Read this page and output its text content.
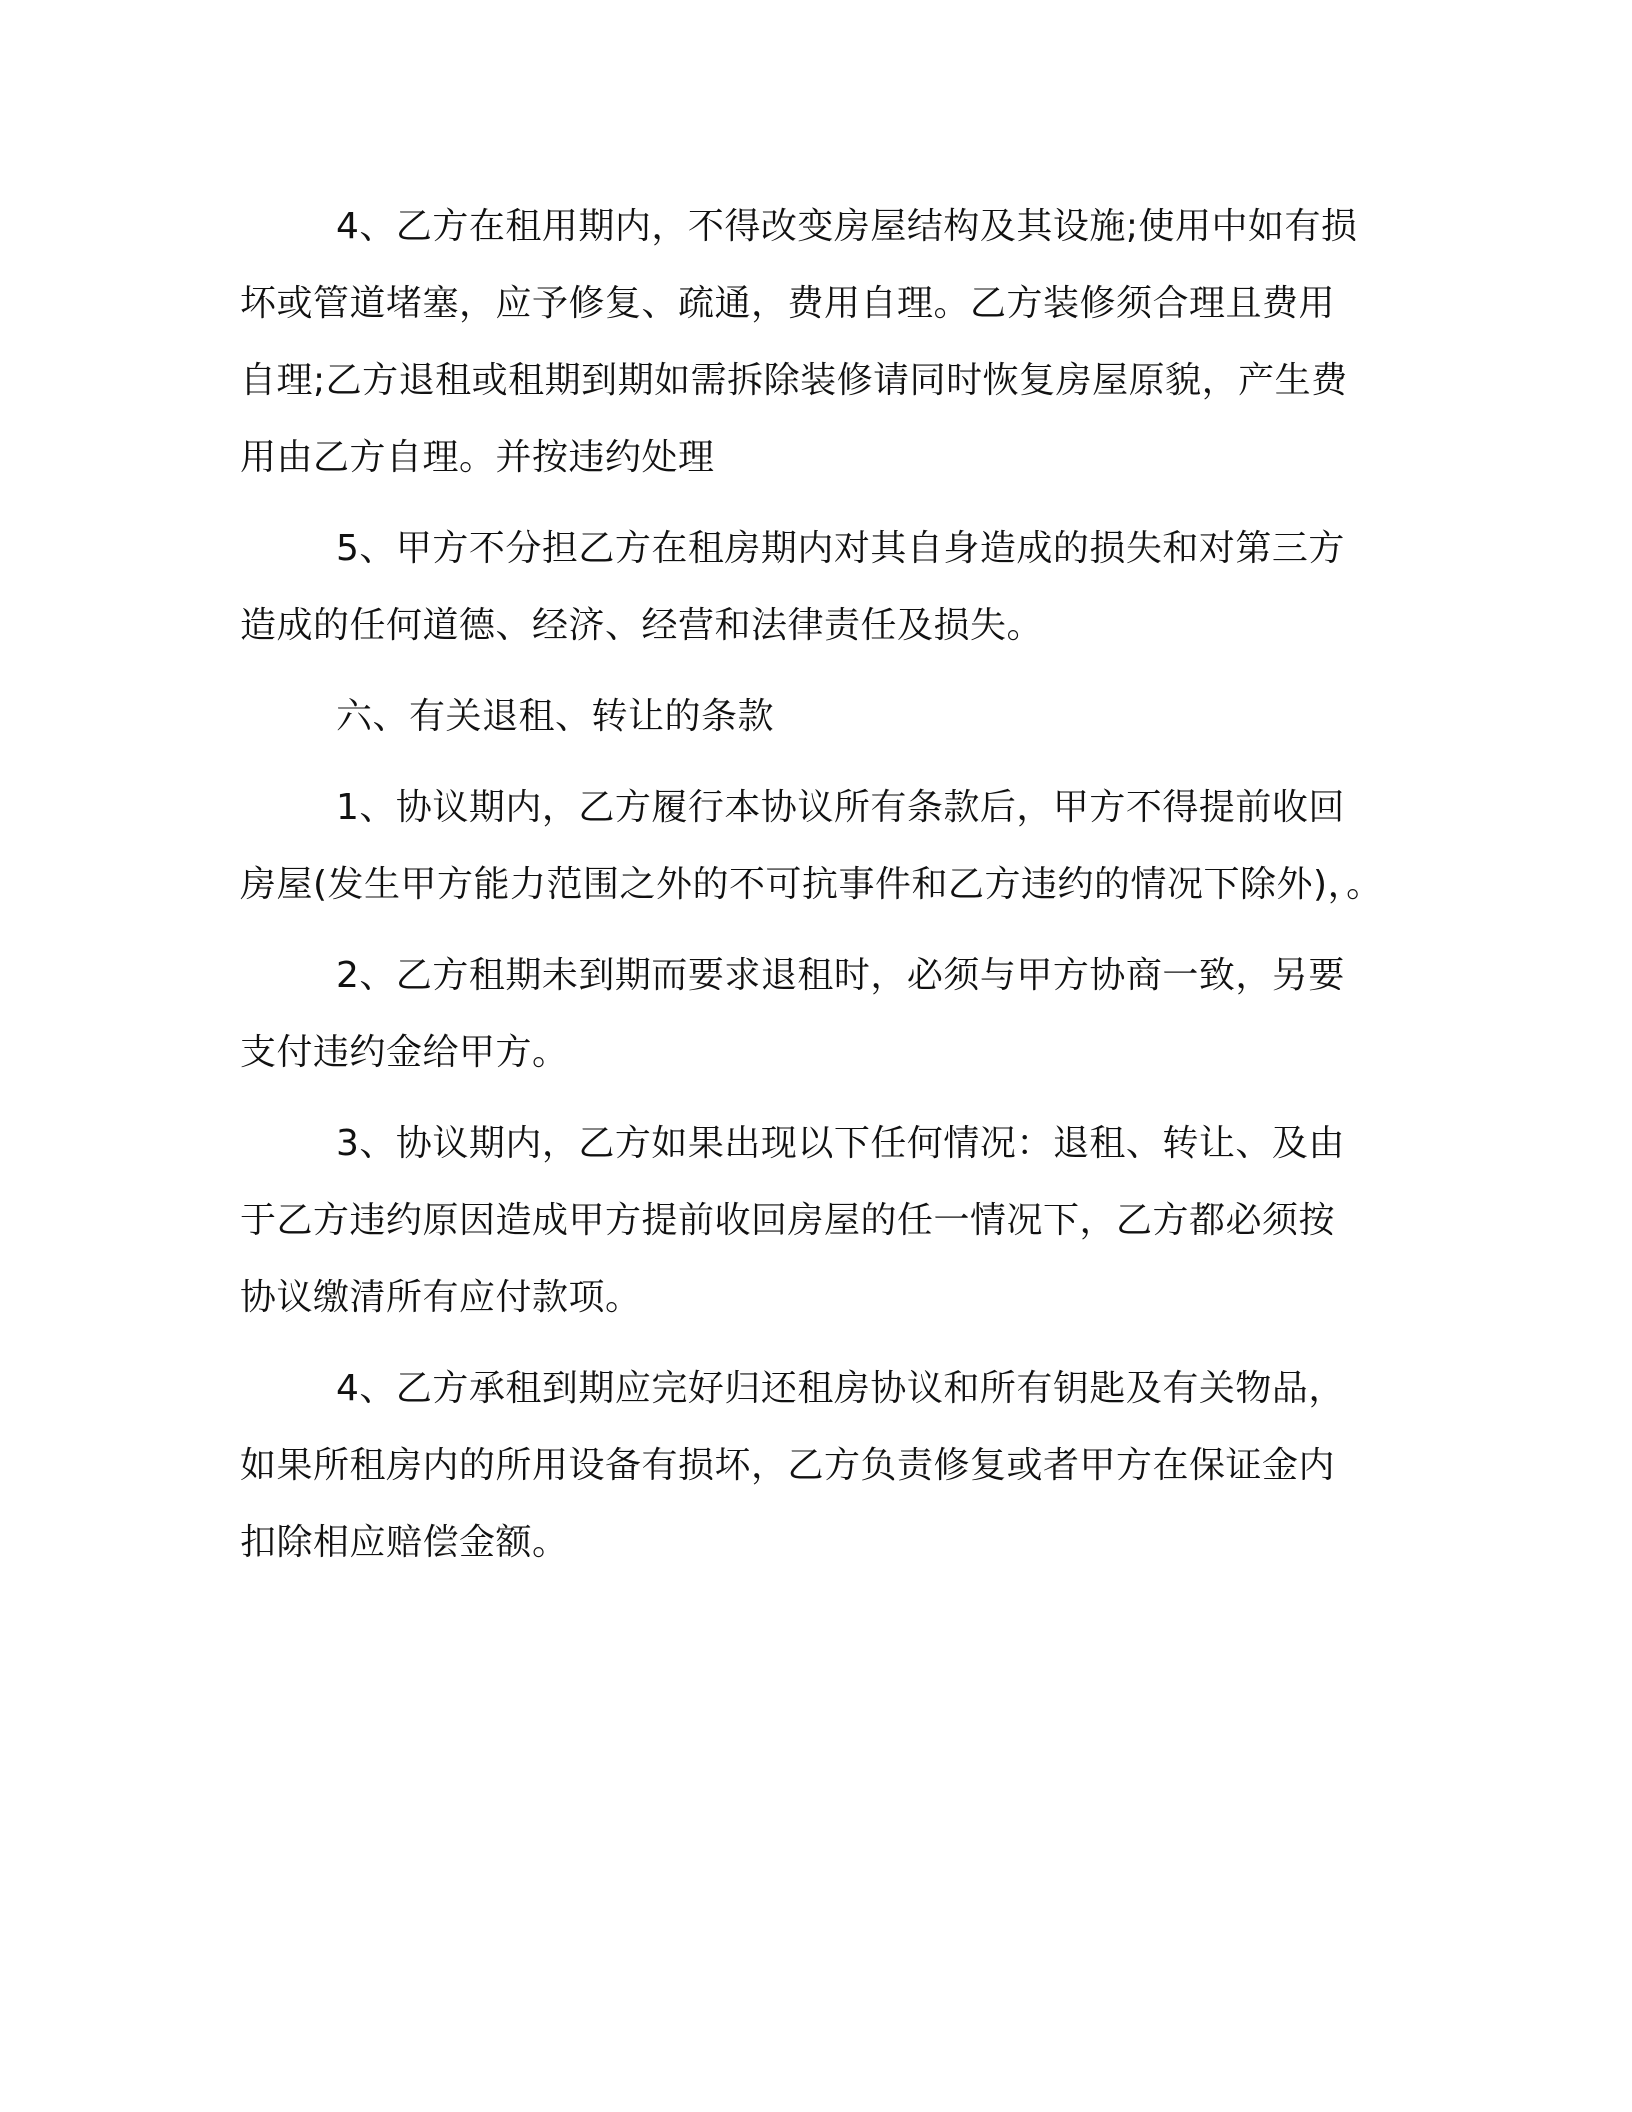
4、乙方在租用期内，不得改变房屋结构及其设施;使用中如有损
坏或管道堵塞，应予修复、疏通，费用自理。乙方装修须合理且费用
自理;乙方退租或租期到期如需拆除装修请同时恢复房屋原貌，产生费
用由乙方自理。并按违约处理

5、甲方不分担乙方在租房期内对其自身造成的损失和对第三方
造成的任何道德、经济、经营和法律责任及损失。

六、有关退租、转让的条款

1、协议期内，乙方履行本协议所有条款后，甲方不得提前收回
房屋(发生甲方能力范围之外的不可抗事件和乙方违约的情况下除外)，。

2、乙方租期未到期而要求退租时，必须与甲方协商一致，另要
支付违约金给甲方。

3、协议期内，乙方如果出现以下任何情况：退租、转让、及由
于乙方违约原因造成甲方提前收回房屋的任一情况下，乙方都必须按
协议缴清所有应付款项。

4、乙方承租到期应完好归还租房协议和所有钥匙及有关物品，
如果所租房内的所用设备有损坏，乙方负责修复或者甲方在保证金内
扣除相应赔偿金额。
